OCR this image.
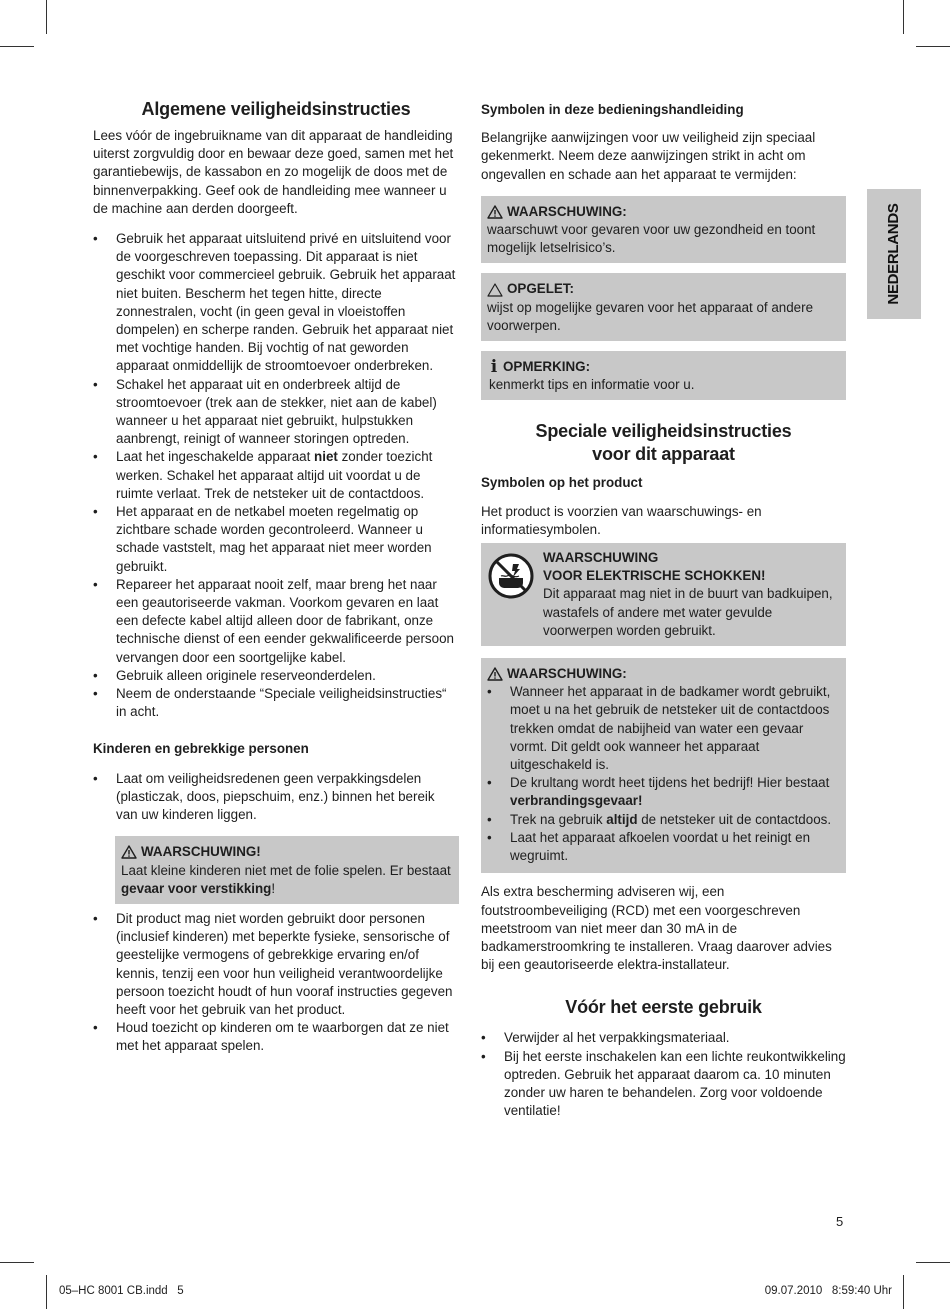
Algemene veiligheidsinstructies

Lees vóór de ingebruikname van dit apparaat de handleiding uiterst zorgvuldig door en bewaar deze goed, samen met het garantiebewijs, de kassabon en zo mogelijk de doos met de binnenverpakking. Geef ook de handleiding mee wanneer u de machine aan derden doorgeeft.

• Gebruik het apparaat uitsluitend privé en uitsluitend voor de voorgeschreven toepassing. Dit apparaat is niet geschikt voor commercieel gebruik. Gebruik het apparaat niet buiten. Bescherm het tegen hitte, directe zonnestralen, vocht (in geen geval in vloeistoffen dompelen) en scherpe randen. Gebruik het apparaat niet met vochtige handen. Bij vochtig of nat geworden apparaat onmiddellijk de stroomtoevoer onderbreken.
• Schakel het apparaat uit en onderbreek altijd de stroomtoevoer (trek aan de stekker, niet aan de kabel) wanneer u het apparaat niet gebruikt, hulpstukken aanbrengt, reinigt of wanneer storingen optreden.
• Laat het ingeschakelde apparaat niet zonder toezicht werken. Schakel het apparaat altijd uit voordat u de ruimte verlaat. Trek de netsteker uit de contactdoos.
• Het apparaat en de netkabel moeten regelmatig op zichtbare schade worden gecontroleerd. Wanneer u schade vaststelt, mag het apparaat niet meer worden gebruikt.
• Repareer het apparaat nooit zelf, maar breng het naar een geautoriseerde vakman. Voorkom gevaren en laat een defecte kabel altijd alleen door de fabrikant, onze technische dienst of een eender gekwalificeerde persoon vervangen door een soortgelijke kabel.
• Gebruik alleen originele reserveonderdelen.
• Neem de onderstaande “Speciale veiligheidsinstructies“ in acht.
Kinderen en gebrekkige personen
• Laat om veiligheidsredenen geen verpakkingsdelen (plasticzak, doos, piepschuim, enz.) binnen het bereik van uw kinderen liggen.
WAARSCHUWING!
Laat kleine kinderen niet met de folie spelen. Er bestaat gevaar voor verstikking!
• Dit product mag niet worden gebruikt door personen (inclusief kinderen) met beperkte fysieke, sensorische of geestelijke vermogens of gebrekkige ervaring en/of kennis, tenzij een voor hun veiligheid verantwoordelijke persoon toezicht houdt of hun vooraf instructies gegeven heeft voor het gebruik van het product.
• Houd toezicht op kinderen om te waarborgen dat ze niet met het apparaat spelen.
Symbolen in deze bedieningshandleiding

Belangrijke aanwijzingen voor uw veiligheid zijn speciaal gekenmerkt. Neem deze aanwijzingen strikt in acht om ongevallen en schade aan het apparaat te vermijden:

WAARSCHUWING:
waarschuwt voor gevaren voor uw gezondheid en toont mogelijk letselrisico’s.
OPGELET:
wijst op mogelijke gevaren voor het apparaat of andere voorwerpen.
i OPMERKING:
kenmerkt tips en informatie voor u.
Speciale veiligheidsinstructies
voor dit apparaat
Symbolen op het product

Het product is voorzien van waarschuwings- en informatiesymbolen.

WAARSCHUWING
VOOR ELEKTRISCHE SCHOKKEN!
Dit apparaat mag niet in de buurt van badkuipen, wastafels of andere met water gevulde voorwerpen worden gebruikt.
WAARSCHUWING:
• Wanneer het apparaat in de badkamer wordt gebruikt, moet u na het gebruik de netsteker uit de contactdoos trekken omdat de nabijheid van water een gevaar vormt. Dit geldt ook wanneer het apparaat uitgeschakeld is.
• De krultang wordt heet tijdens het bedrijf! Hier bestaat verbrandingsgevaar!
• Trek na gebruik altijd de netsteker uit de contactdoos.
• Laat het apparaat afkoelen voordat u het reinigt en wegruimt.

Als extra bescherming adviseren wij, een foutstroombeveiliging (RCD) met een voorgeschreven meetstroom van niet meer dan 30 mA in de badkamerstroomkring te installeren. Vraag daarover advies bij een geautoriseerde elektra-installateur.

Vóór het eerste gebruik
• Verwijder al het verpakkingsmateriaal.
• Bij het eerste inschakelen kan een lichte reukontwikkeling optreden. Gebruik het apparaat daarom ca. 10 minuten zonder uw haren te behandelen. Zorg voor voldoende ventilatie!
NEDERLANDS
5
05–HC 8001 CB.indd   5	09.07.2010   8:59:40 Uhr
